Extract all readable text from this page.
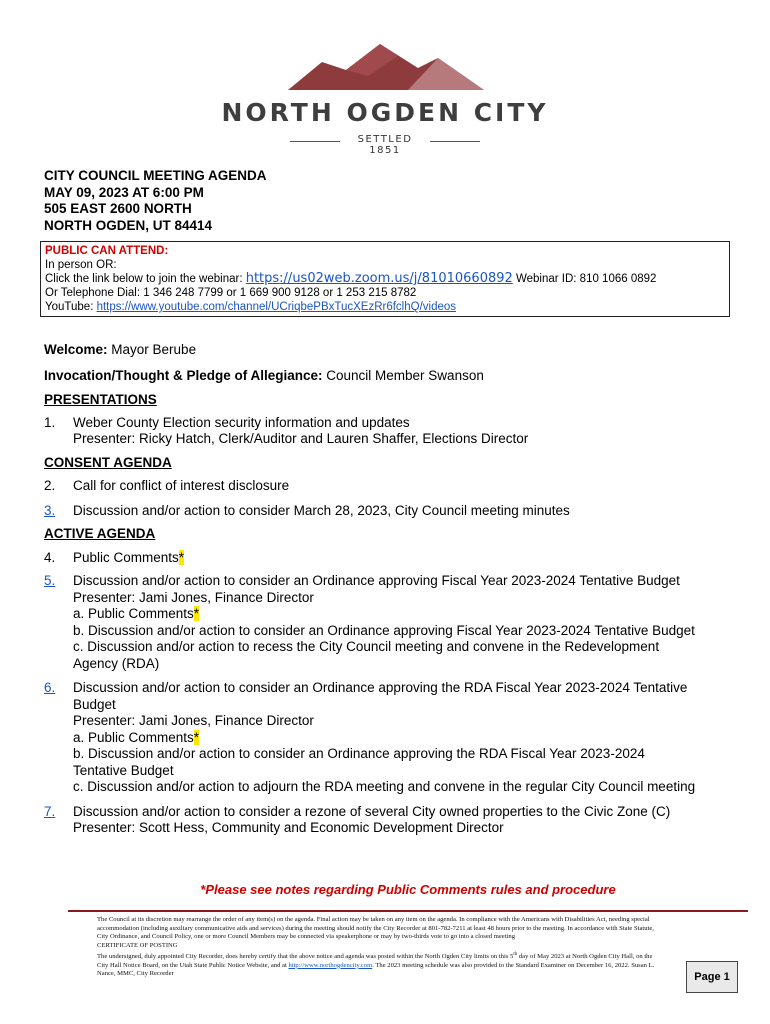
NORTH OGDEN CITY
SETTLED 1851
CITY COUNCIL MEETING AGENDA
MAY 09, 2023 AT 6:00 PM
505 EAST 2600 NORTH
NORTH OGDEN, UT 84414
PUBLIC CAN ATTEND:
In person OR:
Click the link below to join the webinar: https://us02web.zoom.us/j/81010660892 Webinar ID: 810 1066 0892
Or Telephone Dial: 1 346 248 7799 or 1 669 900 9128 or 1 253 215 8782
YouTube: https://www.youtube.com/channel/UCriqbePBxTucXEzRr6fclhQ/videos

Welcome: Mayor Berube

Invocation/Thought & Pledge of Allegiance: Council Member Swanson

PRESENTATIONS

1. Weber County Election security information and updates
Presenter: Ricky Hatch, Clerk/Auditor and Lauren Shaffer, Elections Director

CONSENT AGENDA

2. Call for conflict of interest disclosure
3. Discussion and/or action to consider March 28, 2023, City Council meeting minutes

ACTIVE AGENDA

4. Public Comments*
5. Discussion and/or action to consider an Ordinance approving Fiscal Year 2023-2024 Tentative Budget
Presenter: Jami Jones, Finance Director
a. Public Comments*
b. Discussion and/or action to consider an Ordinance approving Fiscal Year 2023-2024 Tentative Budget
c. Discussion and/or action to recess the City Council meeting and convene in the Redevelopment
Agency (RDA)
6. Discussion and/or action to consider an Ordinance approving the RDA Fiscal Year 2023-2024 Tentative
Budget
Presenter: Jami Jones, Finance Director
a. Public Comments*
b. Discussion and/or action to consider an Ordinance approving the RDA Fiscal Year 2023-2024
Tentative Budget
c. Discussion and/or action to adjourn the RDA meeting and convene in the regular City Council meeting
7. Discussion and/or action to consider a rezone of several City owned properties to the Civic Zone (C)
Presenter: Scott Hess, Community and Economic Development Director
*Please see notes regarding Public Comments rules and procedure
The Council at its discretion may rearrange the order of any item(s) on the agenda. Final action may be taken on any item on the agenda. In compliance with the Americans with Disabilities Act, needing special accommodation (including auxiliary communicative aids and services) during the meeting should notify the City Recorder at 801-782-7211 at least 48 hours prior to the meeting. In accordance with State Statute, City Ordinance, and Council Policy, one or more Council Members may be connected via speakerphone or may by two-thirds vote to go into a closed meeting
CERTIFICATE OF POSTING
The undersigned, duly appointed City Recorder, does hereby certify that the above notice and agenda was posted within the North Ogden City limits on this 5th day of May 2023 at North Ogden City Hall, on the City Hall Notice Board, on the Utah State Public Notice Website, and at http://www.northogdencity.com. The 2023 meeting schedule was also provided to the Standard Examiner on December 16, 2022. Susan L. Nance, MMC, City Recorder	Page 1
